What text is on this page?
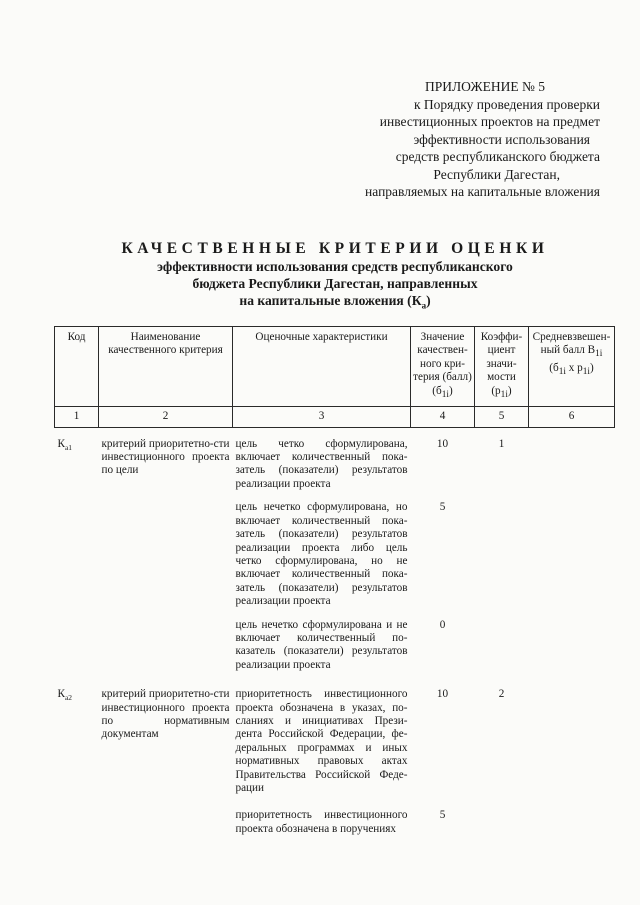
ПРИЛОЖЕНИЕ № 5
к Порядку проведения проверки
инвестиционных проектов на предмет
эффективности использования
средств республиканского бюджета
Республики Дагестан,
направляемых на капитальные вложения
КАЧЕСТВЕННЫЕ КРИТЕРИИ ОЦЕНКИ
эффективности использования средств республиканского
бюджета Республики Дагестан, направленных
на капитальные вложения $(К_а)$
Код	Наименование качественного критерия	Оценочные характеристики	Значение качествен-ного кри-терия (балл) $(б_{1i})$	Коэффи-циент значи-мости $(p_{1i})$	Средневзвешен-ный балл $B_{1i}$
($б_{1i}$ x $p_{1i}$)
1	2	3	4	5	6

$К_{а1}$	критерий приоритетно-сти инвестиционного проекта по цели	цель четко сформулирована, включает количественный пока-затель (показатели) результатов реализации проекта	10	1	

		цель нечетко сформулирована, но включает количественный пока-затель (показатели) результатов реализации проекта либо цель четко сформулирована, но не включает количественный пока-затель (показатели) результатов реализации проекта	5		

		цель нечетко сформулирована и не включает количественный по-казатель (показатели) результатов реализации проекта	0		

$К_{а2}$	критерий приоритетно-сти инвестиционного проекта по нормативным документам	приоритетность инвестиционного проекта обозначена в указах, по-сланиях и инициативах Прези-дента Российской Федерации, фе-деральных программах и иных нормативных правовых актах Правительства Российской Феде-рации	10	2	

		приоритетность инвестиционного проекта обозначена в поручениях	5		
